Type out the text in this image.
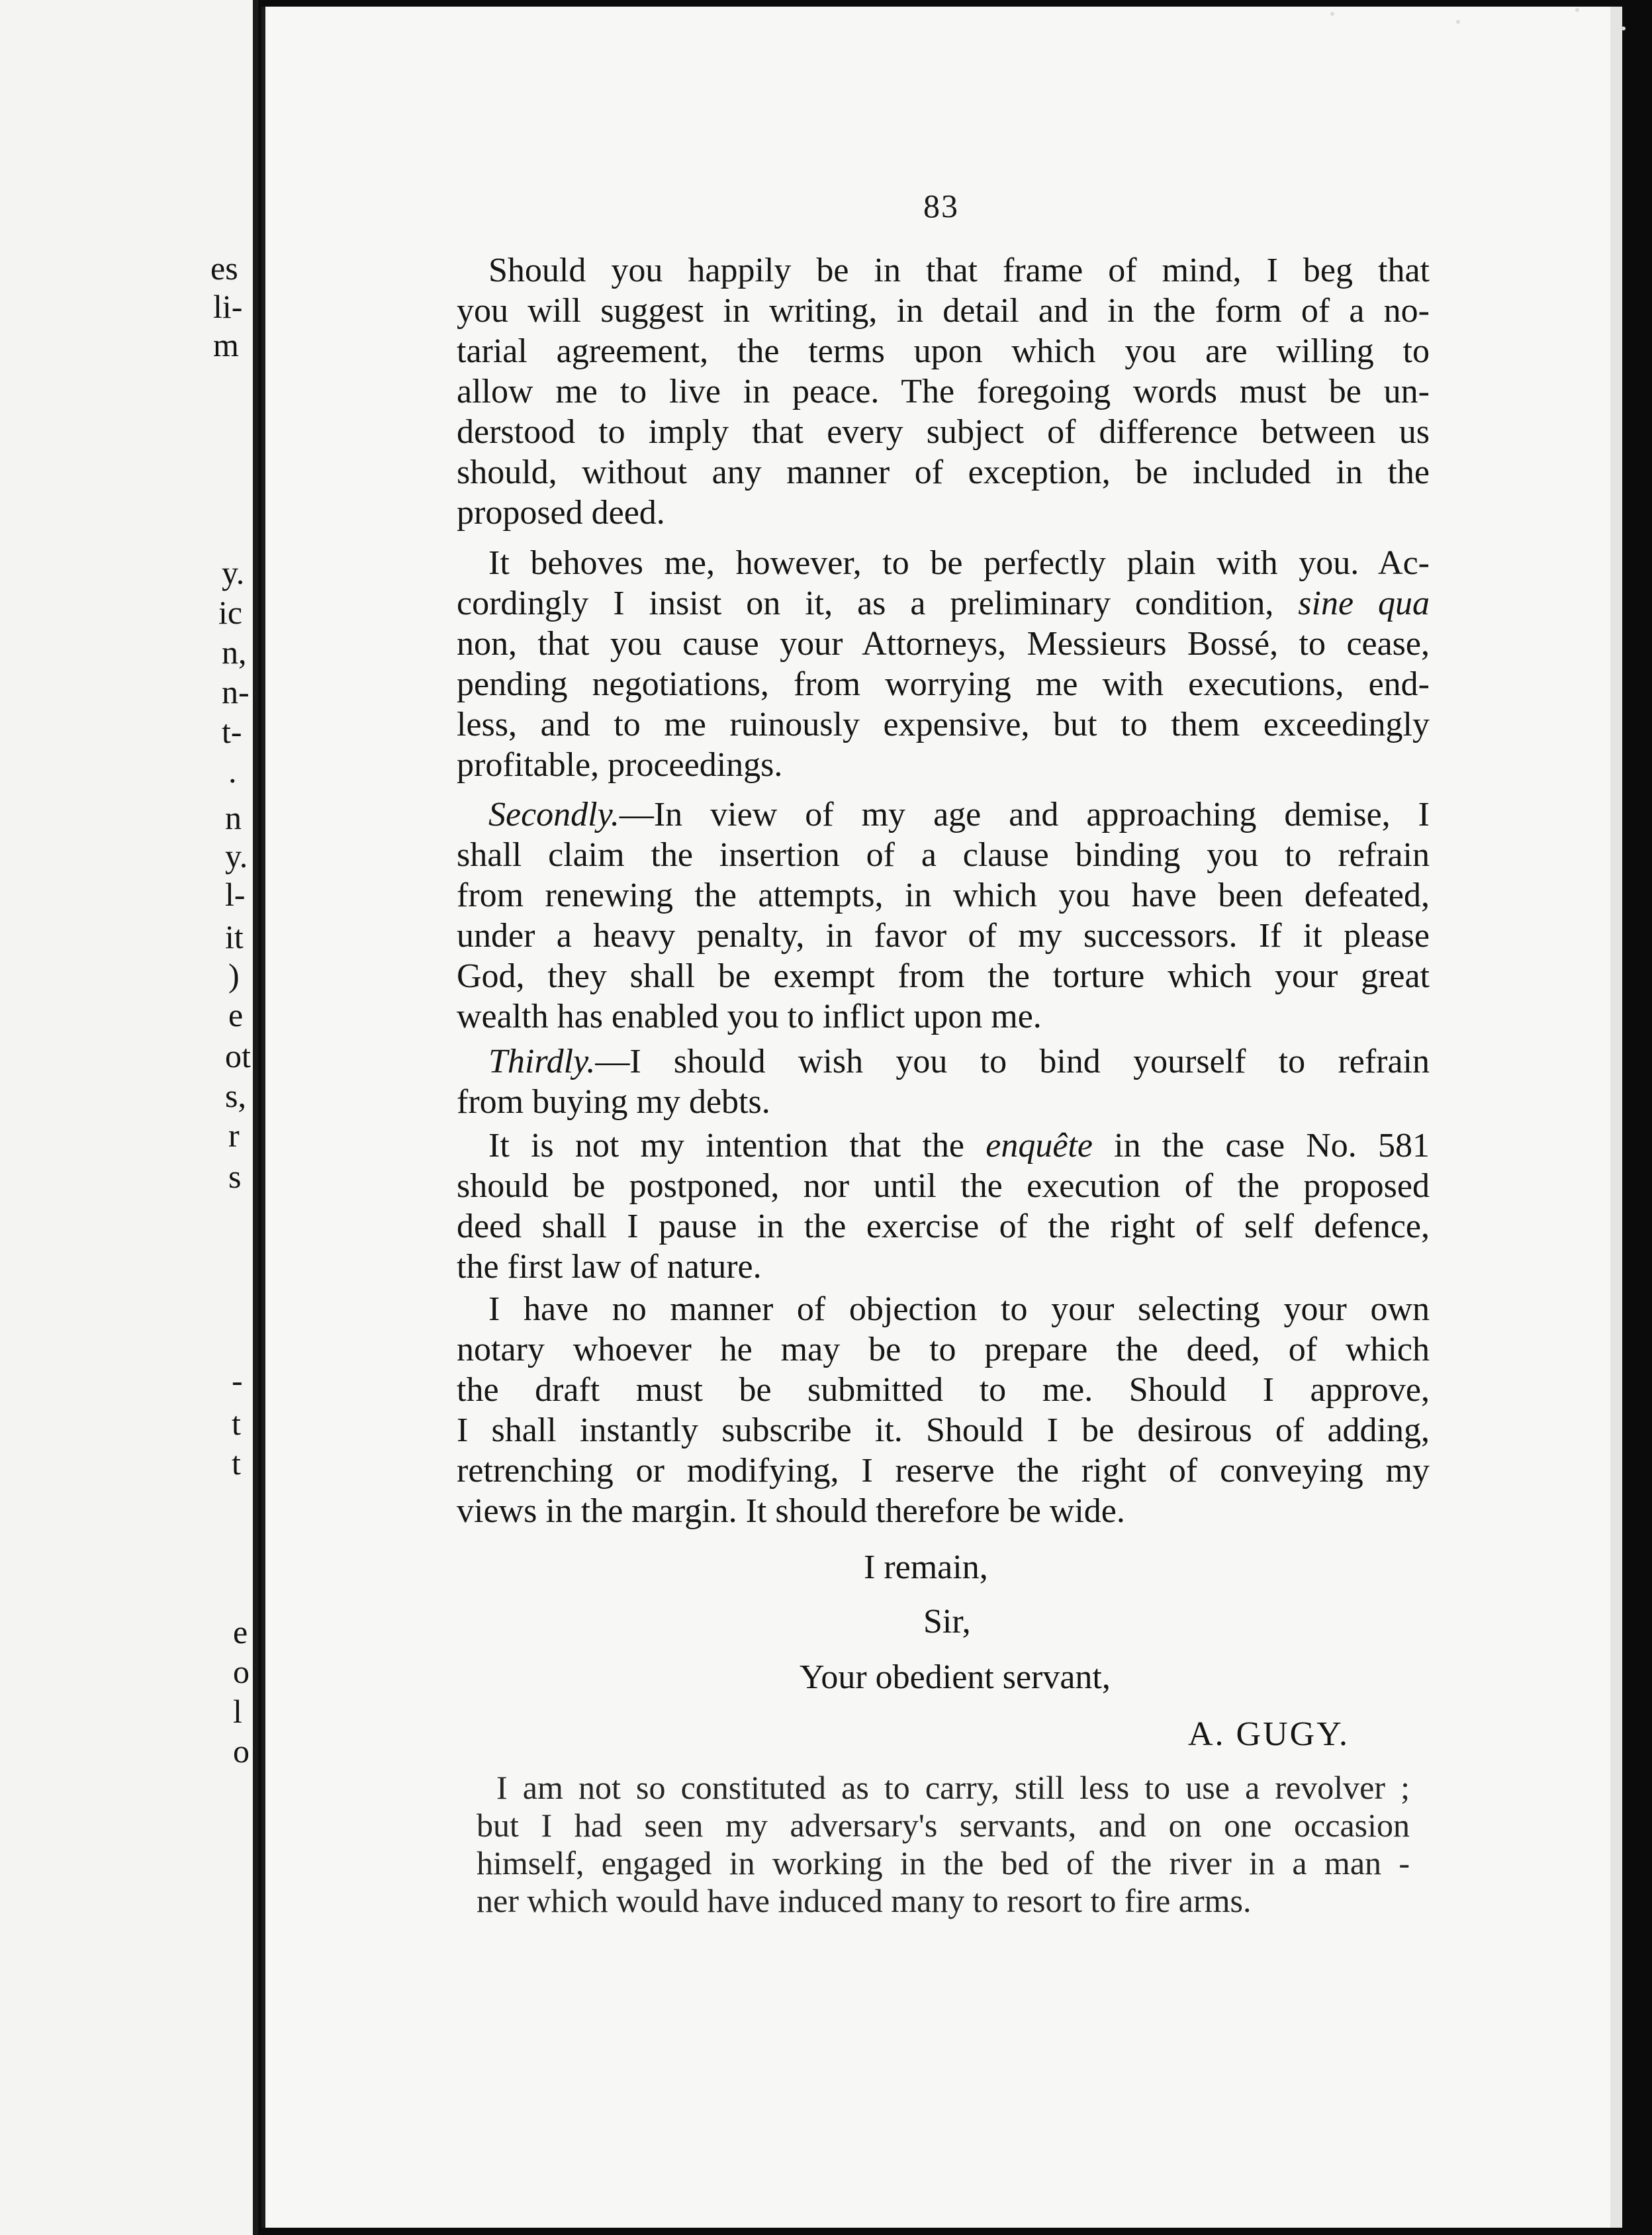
es
li-
m
y.
ic
n,
n-
t-
.
n
y.
l-
it
)
e
ot
s,
r
s
-
t
t
e
o
l
o
83
Should you happily be in that frame of mind, I beg that
you will suggest in writing, in detail and in the form of a no-
tarial agreement, the terms upon which you are willing to
allow me to live in peace. The foregoing words must be un-
derstood to imply that every subject of difference between us
should, without any manner of exception, be included in the
proposed deed.
It behoves me, however, to be perfectly plain with you. Ac-
cordingly I insist on it, as a preliminary condition, sine qua
non, that you cause your Attorneys, Messieurs Bossé, to cease,
pending negotiations, from worrying me with executions, end-
less, and to me ruinously expensive, but to them exceedingly
profitable, proceedings.
Secondly.—In view of my age and approaching demise, I
shall claim the insertion of a clause binding you to refrain
from renewing the attempts, in which you have been defeated,
under a heavy penalty, in favor of my successors. If it please
God, they shall be exempt from the torture which your great
wealth has enabled you to inflict upon me.
Thirdly.—I should wish you to bind yourself to refrain
from buying my debts.
It is not my intention that the enquête in the case No. 581
should be postponed, nor until the execution of the proposed
deed shall I pause in the exercise of the right of self defence,
the first law of nature.
I have no manner of objection to your selecting your own
notary whoever he may be to prepare the deed, of which
the draft must be submitted to me. Should I approve,
I shall instantly subscribe it. Should I be desirous of adding,
retrenching or modifying, I reserve the right of conveying my
views in the margin. It should therefore be wide.
I remain,
Sir,
Your obedient servant,
A. GUGY.
I am not so constituted as to carry, still less to use a revolver ;
but I had seen my adversary's servants, and on one occasion
himself, engaged in working in the bed of the river in a man -
ner which would have induced many to resort to fire arms.
